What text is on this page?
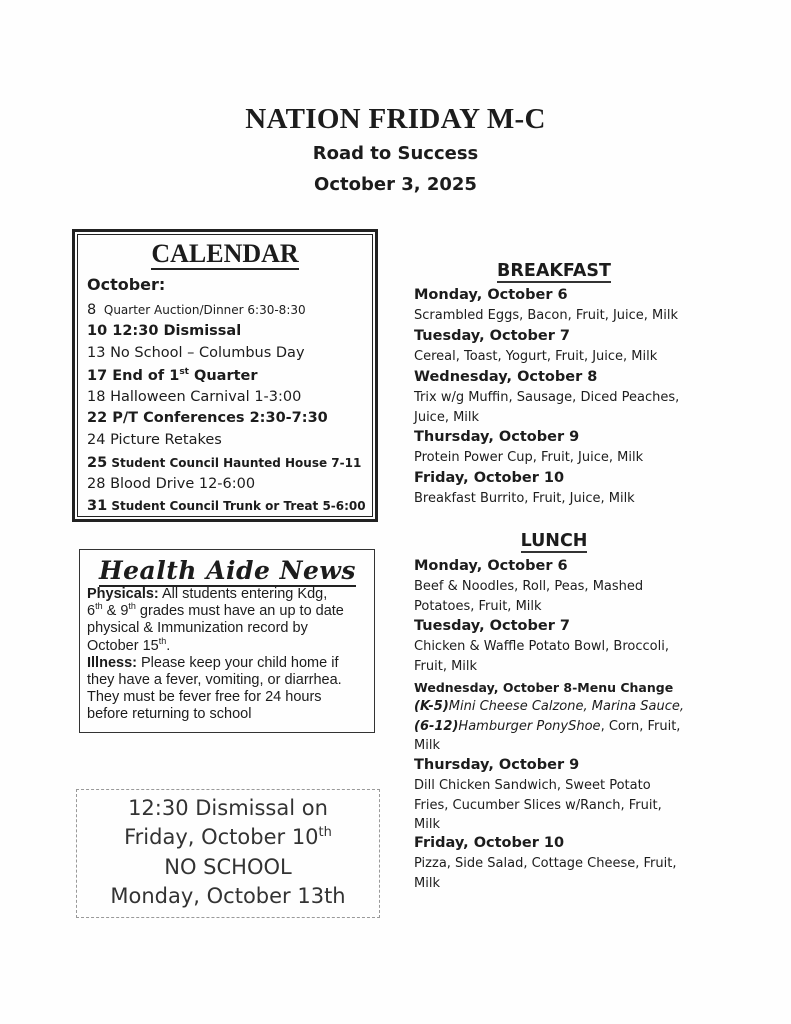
NATION FRIDAY M-C
Road to Success
October 3, 2025
CALENDAR
October:
8 Quarter Auction/Dinner 6:30-8:30
10 12:30 Dismissal
13 No School – Columbus Day
17 End of 1st Quarter
18 Halloween Carnival 1-3:00
22 P/T Conferences 2:30-7:30
24 Picture Retakes
25 Student Council Haunted House 7-11
28 Blood Drive 12-6:00
31 Student Council Trunk or Treat 5-6:00
Health Aide News

Physicals: All students entering Kdg,

6th & 9th grades must have an up to date

physical & Immunization record by

October 15th.

Illness: Please keep your child home if

they have a fever, vomiting, or diarrhea.

They must be fever free for 24 hours

before returning to school

12:30 Dismissal on
Friday, October 10th
NO SCHOOL
Monday, October 13th
BREAKFAST
Monday, October 6
Scrambled Eggs, Bacon, Fruit, Juice, Milk
Tuesday, October 7
Cereal, Toast, Yogurt, Fruit, Juice, Milk
Wednesday, October 8
Trix w/g Muffin, Sausage, Diced Peaches,
Juice, Milk
Thursday, October 9
Protein Power Cup, Fruit, Juice, Milk
Friday, October 10
Breakfast Burrito, Fruit, Juice, Milk
LUNCH
Monday, October 6
Beef & Noodles, Roll, Peas, Mashed
Potatoes, Fruit, Milk
Tuesday, October 7
Chicken & Waffle Potato Bowl, Broccoli,
Fruit, Milk
Wednesday, October 8-Menu Change
(K-5)Mini Cheese Calzone, Marina Sauce,
(6-12)Hamburger PonyShoe, Corn, Fruit,
Milk
Thursday, October 9
Dill Chicken Sandwich, Sweet Potato
Fries, Cucumber Slices w/Ranch, Fruit,
Milk
Friday, October 10
Pizza, Side Salad, Cottage Cheese, Fruit,
Milk
